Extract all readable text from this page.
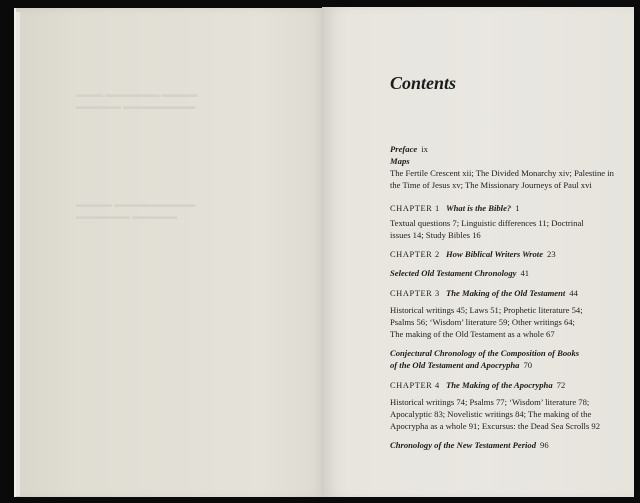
▬▬▬ ▬▬▬▬▬▬ ▬▬▬▬
▬▬▬▬▬ ▬▬▬▬▬▬▬▬
▬▬▬▬ ▬▬▬▬▬▬▬▬▬
▬▬▬▬▬▬ ▬▬▬▬▬
Contents
Preface ix
Maps
The Fertile Crescent xii; The Divided Monarchy xiv; Palestine in
the Time of Jesus xv; The Missionary Journeys of Paul xvi
CHAPTER 1 What is the Bible? 1
Textual questions 7; Linguistic differences 11; Doctrinal
issues 14; Study Bibles 16
CHAPTER 2 How Biblical Writers Wrote 23
Selected Old Testament Chronology 41
CHAPTER 3 The Making of the Old Testament 44
Historical writings 45; Laws 51; Prophetic literature 54;
Psalms 56; ‘Wisdom’ literature 59; Other writings 64;
The making of the Old Testament as a whole 67
Conjectural Chronology of the Composition of Books
of the Old Testament and Apocrypha 70
CHAPTER 4 The Making of the Apocrypha 72
Historical writings 74; Psalms 77; ‘Wisdom’ literature 78;
Apocalyptic 83; Novelistic writings 84; The making of the
Apocrypha as a whole 91; Excursus: the Dead Sea Scrolls 92
Chronology of the New Testament Period 96
